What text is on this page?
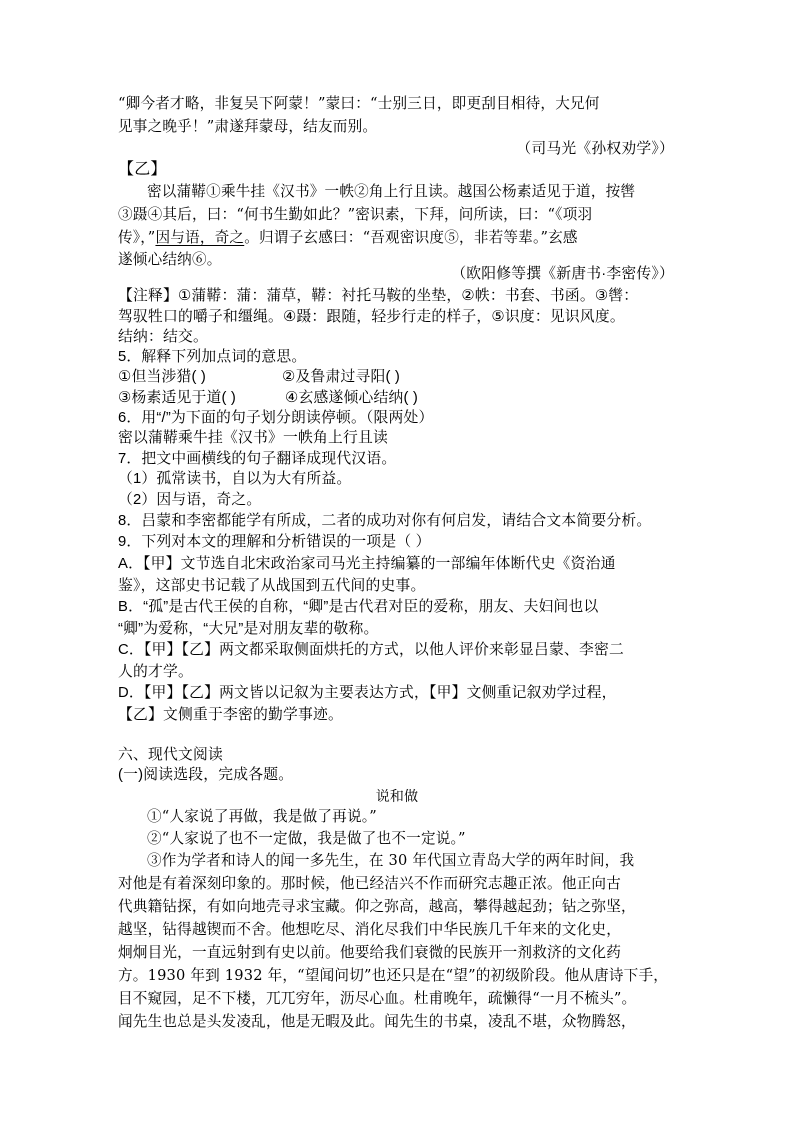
“卿今者才略，非复吴下阿蒙！”蒙曰：“士别三日，即更刮目相待，大兄何
见事之晚乎！”肃遂拜蒙母，结友而别。
（司马光《孙权劝学》）
【乙】
密以蒲鞯①乘牛挂《汉书》一帙②角上行且读。越国公杨素适见于道，按辔
③蹑④其后，曰：“何书生勤如此？”密识素，下拜，问所读，曰：“《项羽
传》，”因与语，奇之。归谓子玄感曰：“吾观密识度⑤，非若等辈。”玄感
遂倾心结纳⑥。
（欧阳修等撰《新唐书·李密传》）
【注释】①蒲鞯：蒲：蒲草，鞯：衬托马鞍的坐垫，②帙：书套、书函。③辔：
驾驭牲口的嚼子和缰绳。④蹑：跟随，轻步行走的样子，⑤识度：见识风度。
结纳：结交。
5．解释下列加点词的意思。
①但当涉猎( )	②及鲁肃过寻阳( )
③杨素适见于道( )	④玄感遂倾心结纳( )
6．用“/”为下面的句子划分朗读停顿。（限两处）
密以蒲鞯乘牛挂《汉书》一帙角上行且读
7．把文中画横线的句子翻译成现代汉语。
（1）孤常读书，自以为大有所益。
（2）因与语，奇之。
8．吕蒙和李密都能学有所成，二者的成功对你有何启发，请结合文本简要分析。
9．下列对本文的理解和分析错误的一项是（ ）
A．【甲】文节选自北宋政治家司马光主持编纂的一部编年体断代史《资治通
鉴》，这部史书记载了从战国到五代间的史事。
B．“孤”是古代王侯的自称，“卿”是古代君对臣的爱称，朋友、夫妇间也以
“卿”为爱称，“大兄”是对朋友辈的敬称。
C．【甲】【乙】两文都采取侧面烘托的方式，以他人评价来彰显吕蒙、李密二
人的才学。
D．【甲】【乙】两文皆以记叙为主要表达方式，【甲】文侧重记叙劝学过程，
【乙】文侧重于李密的勤学事迹。
六、现代文阅读
(一)阅读选段，完成各题。
说和做
①“人家说了再做，我是做了再说。”
②“人家说了也不一定做，我是做了也不一定说。”
③作为学者和诗人的闻一多先生，在 30 年代国立青岛大学的两年时间，我
对他是有着深刻印象的。那时候，他已经洁兴不作而研究志趣正浓。他正向古
代典籍钻探，有如向地壳寻求宝藏。仰之弥高，越高，攀得越起劲；钻之弥坚，
越坚，钻得越锲而不舍。他想吃尽、消化尽我们中华民族几千年来的文化史，
炯炯目光，一直远射到有史以前。他要给我们衰微的民族开一剂救济的文化药
方。1930 年到 1932 年，“望闻问切”也还只是在“望”的初级阶段。他从唐诗下手，
目不窥园，足不下楼，兀兀穷年，沥尽心血。杜甫晚年，疏懒得“一月不梳头”。
闻先生也总是头发凌乱，他是无暇及此。闻先生的书桌，凌乱不堪，众物腾怒，
